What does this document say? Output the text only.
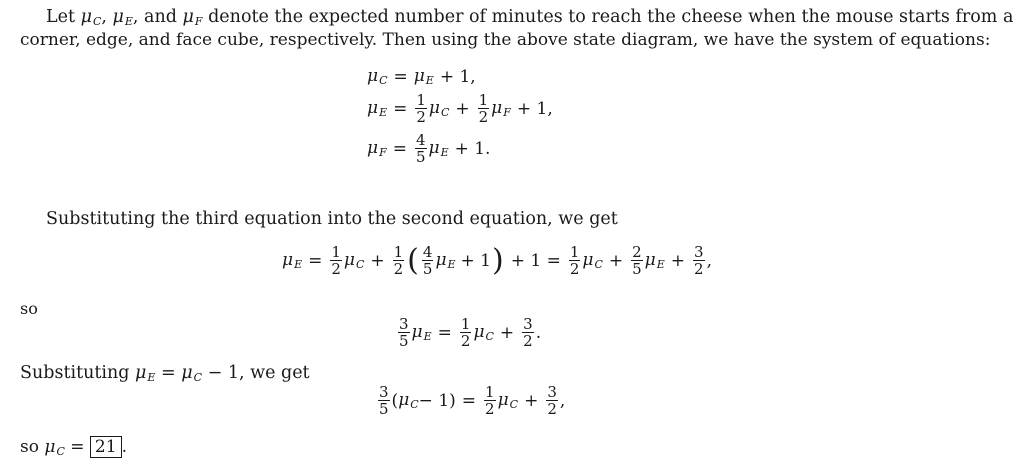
Let $\mu_C$, $\mu_E$, and $\mu_F$ denote the expected number of minutes to reach the cheese when the mouse starts from a

corner, edge, and face cube, respectively. Then using the above state diagram, we have the system of equations:

$\mu_C = \mu_E + 1$,
$\mu_E = \frac{1}{2} \mu_C + \frac{1}{2} \mu_F + 1$,
$\mu_F = \frac{4}{5} \mu_E + 1$.

Substituting the third equation into the second equation, we get

$\mu_E = \frac{1}{2} \mu_C + \frac{1}{2}$ ( $\frac{4}{5} \mu_E + 1$ ) + $1 = \frac{1}{2} \mu_C + \frac{2}{5} \mu_E + \frac{3}{2}$ ,

so

$\frac{3}{5} \mu_E = \frac{1}{2} \mu_C + \frac{3}{2}$ .

Substituting $\mu_E = \mu_C - 1$, we get

$\frac{3}{5}$ ( $\mu_C - 1) = \frac{1}{2} \mu_C + \frac{3}{2}$ ,

so $\mu_C = 21$ .
